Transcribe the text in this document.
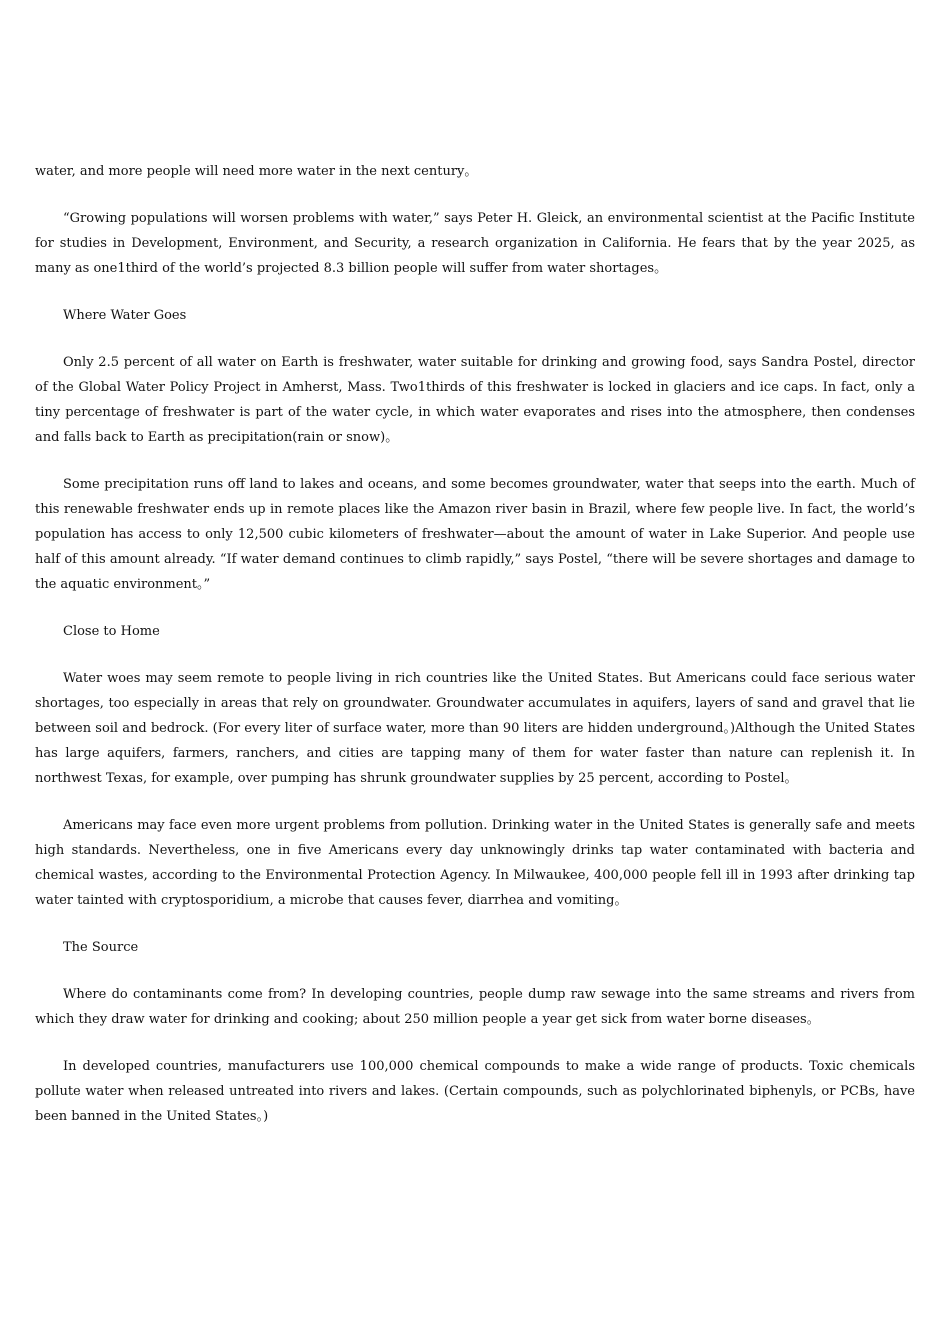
water, and more people will need more water in the next century。

“Growing populations will worsen problems with water,” says Peter H. Gleick, an environmental scientist at the Pacific Institute for studies in Development, Environment, and Security, a research organization in California. He fears that by the year 2025, as many as one1third of the world’s projected 8.3 billion people will suffer from water shortages。

Where Water Goes

Only 2.5 percent of all water on Earth is freshwater, water suitable for drinking and growing food, says Sandra Postel, director of the Global Water Policy Project in Amherst, Mass. Two1thirds of this freshwater is locked in glaciers and ice caps. In fact, only a tiny percentage of freshwater is part of the water cycle, in which water evaporates and rises into the atmosphere, then condenses and falls back to Earth as precipitation(rain or snow)。

Some precipitation runs off land to lakes and oceans, and some becomes groundwater, water that seeps into the earth. Much of this renewable freshwater ends up in remote places like the Amazon river basin in Brazil, where few people live. In fact, the world’s population has access to only 12,500 cubic kilometers of freshwater—about the amount of water in Lake Superior. And people use half of this amount already. “If water demand continues to climb rapidly,” says Postel, “there will be severe shortages and damage to the aquatic environment。”

Close to Home

Water woes may seem remote to people living in rich countries like the United States. But Americans could face serious water shortages, too especially in areas that rely on groundwater. Groundwater accumulates in aquifers, layers of sand and gravel that lie between soil and bedrock. (For every liter of surface water, more than 90 liters are hidden underground。)Although the United States has large aquifers, farmers, ranchers, and cities are tapping many of them for water faster than nature can replenish it. In northwest Texas, for example, over pumping has shrunk groundwater supplies by 25 percent, according to Postel。

Americans may face even more urgent problems from pollution. Drinking water in the United States is generally safe and meets high standards. Nevertheless, one in five Americans every day unknowingly drinks tap water contaminated with bacteria and chemical wastes, according to the Environmental Protection Agency. In Milwaukee, 400,000 people fell ill in 1993 after drinking tap water tainted with cryptosporidium, a microbe that causes fever, diarrhea and vomiting。

The Source

Where do contaminants come from? In developing countries, people dump raw sewage into the same streams and rivers from which they draw water for drinking and cooking; about 250 million people a year get sick from water borne diseases。

In developed countries, manufacturers use 100,000 chemical compounds to make a wide range of products. Toxic chemicals pollute water when released untreated into rivers and lakes. (Certain compounds, such as polychlorinated biphenyls, or PCBs, have been banned in the United States。)
